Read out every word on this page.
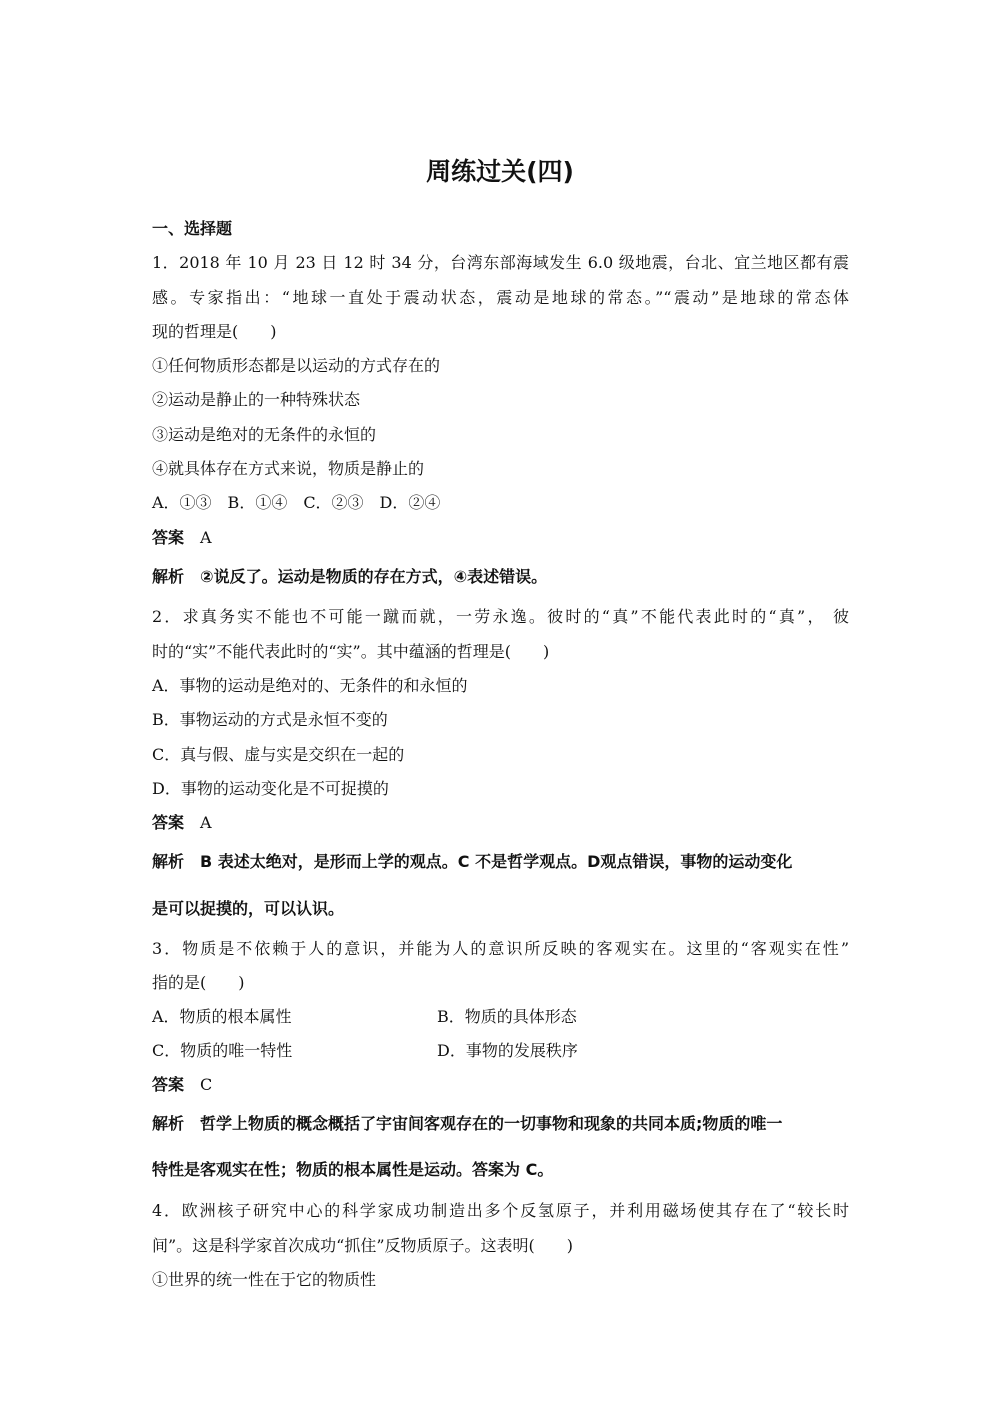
周练过关(四)
一、选择题
1．2018 年 10 月 23 日 12 时 34 分，台湾东部海域发生 6.0 级地震，台北、宜兰地区都有震
感。专家指出：“地球一直处于震动状态，震动是地球的常态。”“震动”是地球的常态体
现的哲理是(　　)
①任何物质形态都是以运动的方式存在的
②运动是静止的一种特殊状态
③运动是绝对的无条件的永恒的
④就具体存在方式来说，物质是静止的
A．①③　B．①④　C．②③　D．②④
答案 A
解析 ②说反了。运动是物质的存在方式，④表述错误。
2．求真务实不能也不可能一蹴而就，一劳永逸。彼时的“真”不能代表此时的“真”， 彼
时的“实”不能代表此时的“实”。其中蕴涵的哲理是(　　)
A．事物的运动是绝对的、无条件的和永恒的
B．事物运动的方式是永恒不变的
C．真与假、虚与实是交织在一起的
D．事物的运动变化是不可捉摸的
答案 A
解析 B 表述太绝对，是形而上学的观点。C 不是哲学观点。D观点错误，事物的运动变化
是可以捉摸的，可以认识。
3．物质是不依赖于人的意识，并能为人的意识所反映的客观实在。这里的“客观实在性”
指的是(　　)
A．物质的根本属性	B．物质的具体形态
C．物质的唯一特性	D．事物的发展秩序
答案 C
解析 哲学上物质的概念概括了宇宙间客观存在的一切事物和现象的共同本质;物质的唯一
特性是客观实在性；物质的根本属性是运动。答案为 C。
4．欧洲核子研究中心的科学家成功制造出多个反氢原子，并利用磁场使其存在了“较长时
间”。这是科学家首次成功“抓住”反物质原子。这表明(　　)
①世界的统一性在于它的物质性
